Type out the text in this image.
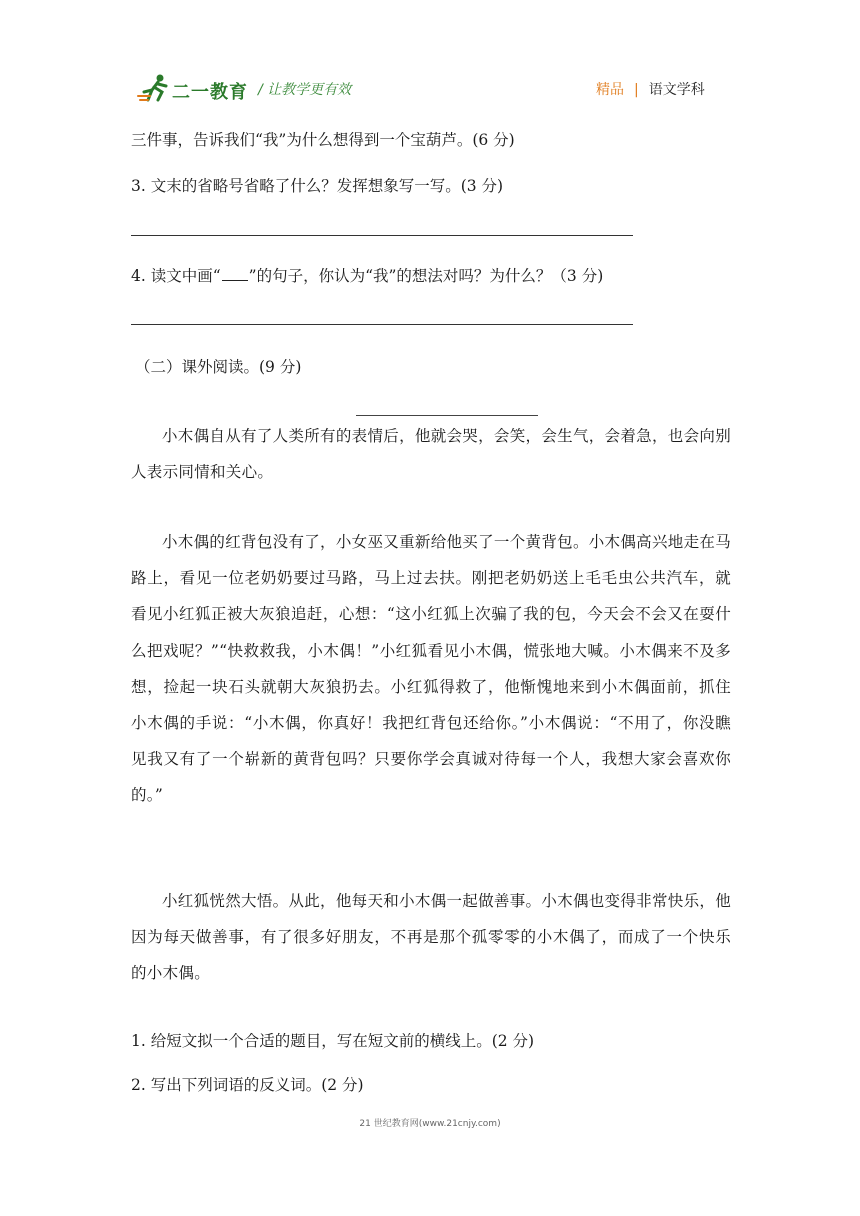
二一教育 / 让教学更有效	精品 | 语文学科
三件事，告诉我们“我”为什么想得到一个宝葫芦。(6 分)
3. 文末的省略号省略了什么？发挥想象写一写。(3 分)
4. 读文中画“ ”的句子，你认为“我”的想法对吗？为什么？（3 分)
（二）课外阅读。(9 分)
小木偶自从有了人类所有的表情后，他就会哭，会笑，会生气，会着急，也会向别人表示同情和关心。
小木偶的红背包没有了，小女巫又重新给他买了一个黄背包。小木偶高兴地走在马路上，看见一位老奶奶要过马路，马上过去扶。刚把老奶奶送上毛毛虫公共汽车，就看见小红狐正被大灰狼追赶，心想：“这小红狐上次骗了我的包，今天会不会又在耍什么把戏呢？”“快救救我，小木偶！”小红狐看见小木偶，慌张地大喊。小木偶来不及多想，捡起一块石头就朝大灰狼扔去。小红狐得救了，他惭愧地来到小木偶面前，抓住小木偶的手说：“小木偶，你真好！我把红背包还给你。”小木偶说：“不用了，你没瞧见我又有了一个崭新的黄背包吗？只要你学会真诚对待每一个人，我想大家会喜欢你的。”
小红狐恍然大悟。从此，他每天和小木偶一起做善事。小木偶也变得非常快乐，他因为每天做善事，有了很多好朋友，不再是那个孤零零的小木偶了，而成了一个快乐的小木偶。
1. 给短文拟一个合适的题目，写在短文前的横线上。(2 分)
2. 写出下列词语的反义词。(2 分)
21 世纪教育网(www.21cnjy.com)
